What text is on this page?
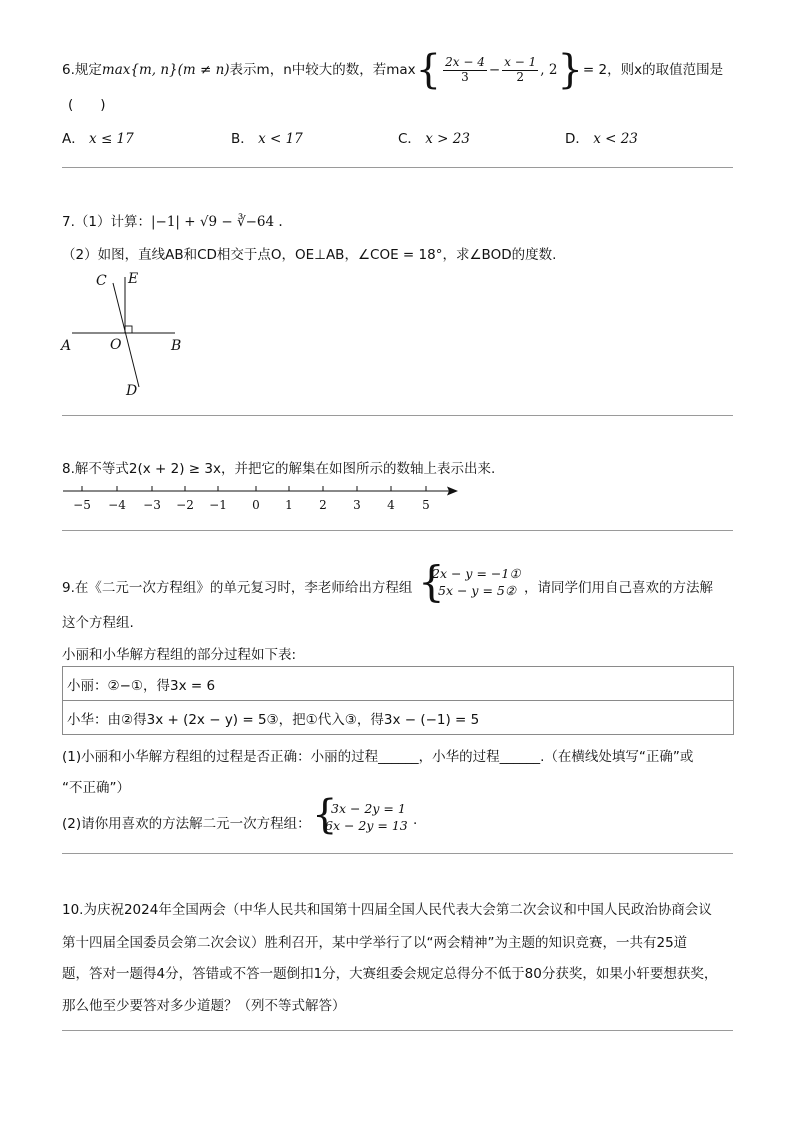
6.规定max{m, n}(m ≠ n)表示m，n中较大的数，若$\max\{ \frac{2x - 4}{3} - \frac{x - 1}{2}$ , 2}= 2，则x的取值范围是
(　　)
A． x ≤ 17	B． x < 17	C． x > 23	D． x < 23
7.（1）计算：|−1| + √9 − ∛−64 .
（2）如图，直线AB和CD相交于点O，OE⊥AB，∠COE = 18°，求∠BOD的度数.
C E
A	O	B
D
8.解不等式2(x + 2) ≥ 3x，并把它的解集在如图所示的数轴上表示出来.
−5 −4 −3 −2 −1 0 1 2 3 4 5
9.在《二元一次方程组》的单元复习时，李老师给出方程组 {
2x − y = −1①
5x − y = 5② ，请同学们用自己喜欢的方法解
这个方程组.
小丽和小华解方程组的部分过程如下表:
小丽：②−①，得3x = 6
小华：由②得3x + (2x − y) = 5③，把①代入③，得3x − (−1) = 5
(1)小丽和小华解方程组的过程是否正确：小丽的过程______，小华的过程______.（在横线处填写“正确”或
“不正确”）
(2)请你用喜欢的方法解二元一次方程组： {
3x − 2y = 1
6x − 2y = 13 .
10.为庆祝2024年全国两会（中华人民共和国第十四届全国人民代表大会第二次会议和中国人民政治协商会议
第十四届全国委员会第二次会议）胜利召开，某中学举行了以“两会精神”为主题的知识竞赛，一共有25道
题，答对一题得4分，答错或不答一题倒扣1分，大赛组委会规定总得分不低于80分获奖，如果小轩要想获奖，
那么他至少要答对多少道题？（列不等式解答）
